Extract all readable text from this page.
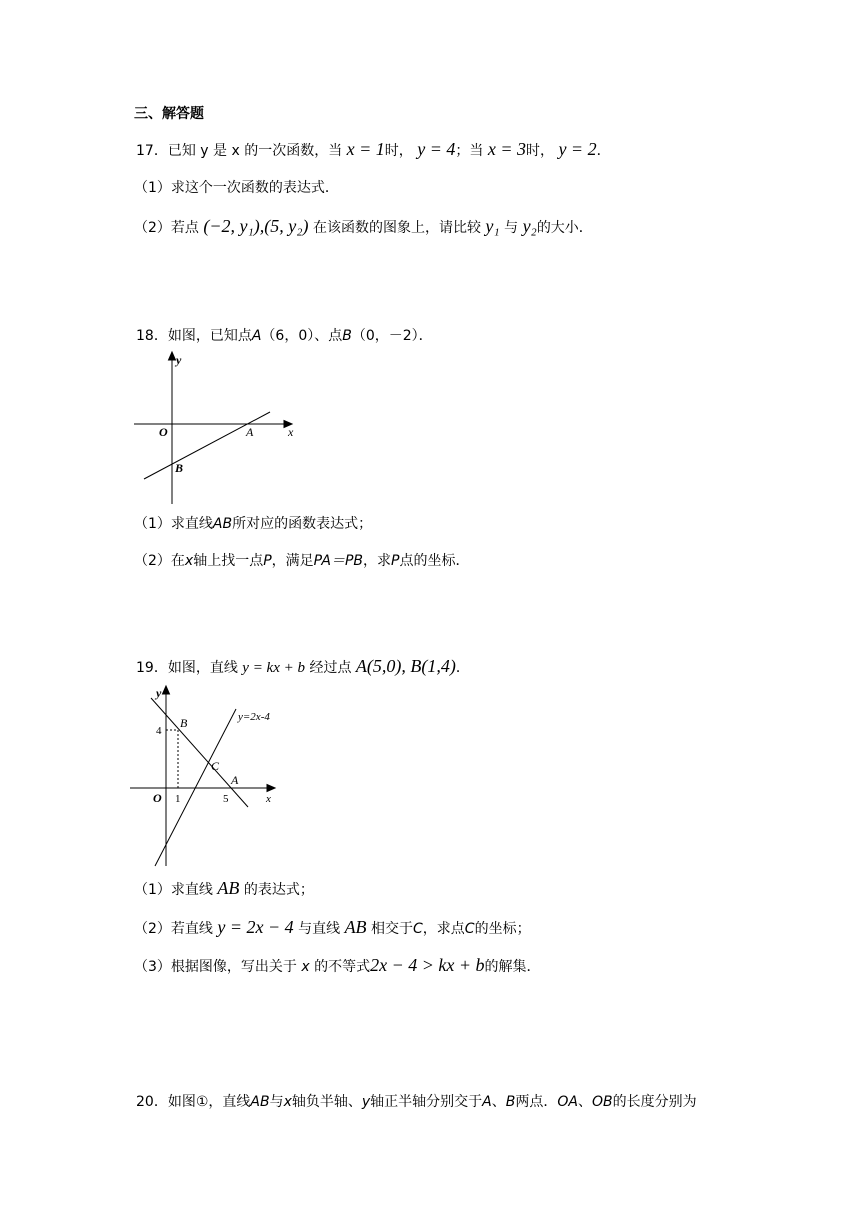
三、解答题
17．已知 y 是 x 的一次函数，当 x = 1时， y = 4；当 x = 3时， y = 2．
（1）求这个一次函数的表达式．
（2）若点 (−2, y₁),(5, y₂) 在该函数的图象上，请比较 y₁ 与 y₂的大小．
18．如图，已知点A（6，0）、点B（0，－2）．
y
x
O	A
B
（1）求直线AB所对应的函数表达式；
（2）在x轴上找一点P，满足PA＝PB，求P点的坐标．
19．如图，直线 y = kx + b 经过点 A(5,0), B(1,4)．
y
x
O
4
1	5
A
B
C
y=2x-4
（1）求直线 AB 的表达式；
（2）若直线 y = 2x − 4 与直线 AB 相交于C，求点C的坐标；
（3）根据图像，写出关于 x 的不等式2x − 4 > kx + b的解集．
20．如图①，直线AB与x轴负半轴、y轴正半轴分别交于A、B两点．OA、OB的长度分别为
